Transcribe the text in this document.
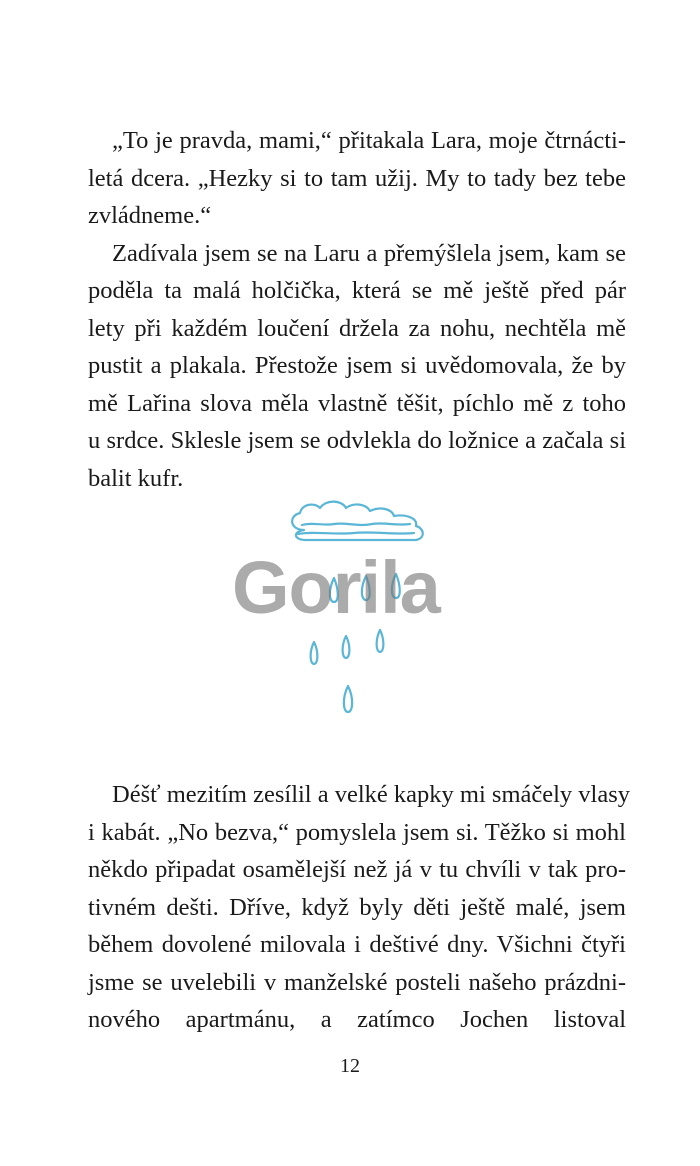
„To je pravda, mami,“ přitakala Lara, moje čtrnácti-
letá dcera. „Hezky si to tam užij. My to tady bez tebe
zvládneme.“
Zadívala jsem se na Laru a přemýšlela jsem, kam se
poděla ta malá holčička, která se mě ještě před pár
lety při každém loučení držela za nohu, nechtěla mě
pustit a plakala. Přestože jsem si uvědomovala, že by
mě Lařina slova měla vlastně těšit, píchlo mě z toho
u srdce. Sklesle jsem se odvlekla do ložnice a začala si
balit kufr.
Gorila
Déšť mezitím zesílil a velké kapky mi smáčely vlasy
i kabát. „No bezva,“ pomyslela jsem si. Těžko si mohl
někdo připadat osamělejší než já v tu chvíli v tak pro-
tivném dešti. Dříve, když byly děti ještě malé, jsem
během dovolené milovala i deštivé dny. Všichni čtyři
jsme se uvelebili v manželské posteli našeho prázdni-
nového apartmánu, a zatímco Jochen listoval
12
